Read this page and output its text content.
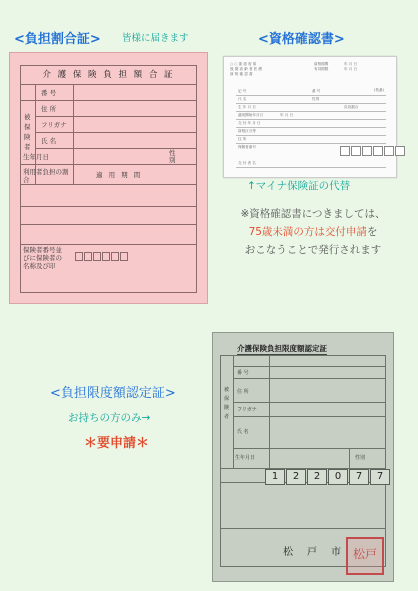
<負担割合証> 皆様に届きます	<資格確認書>
介 護 保 険 負 担 額 合 証
被 保 険 者
番 号
住 所
フリガナ
氏 名
生年月日	性別
利用者負担の割合
適 用 期 間
保険者番号並びに保険者の名称及び印
○ ○ 重 道 府 県
後 期 高 齢 者 医 療
資 格 確 認 書
資格期間
有効期限
年 月 日
年 月 日
(枝番)
記 号	番 号
氏 名	性別
生 年 月 日	負担割合
適用開始年月日
交 付 年 月 日
資格区分等
住 所
保険者番号
交 付 者 名
年 月 日
↑マイナ保険証の代替
※資格確認書につきましては、
75歳未満の方は交付申請を
おこなうことで発行されます
介護保険負担限度額認定証
被 保 険 者
番 号
住 所
フリガナ
氏 名
生年月日	性別
1	2	2	0	7	7
松　戸　市 松戸
<負担限度額認定証>
お持ちの方のみ→
＊要申請＊
